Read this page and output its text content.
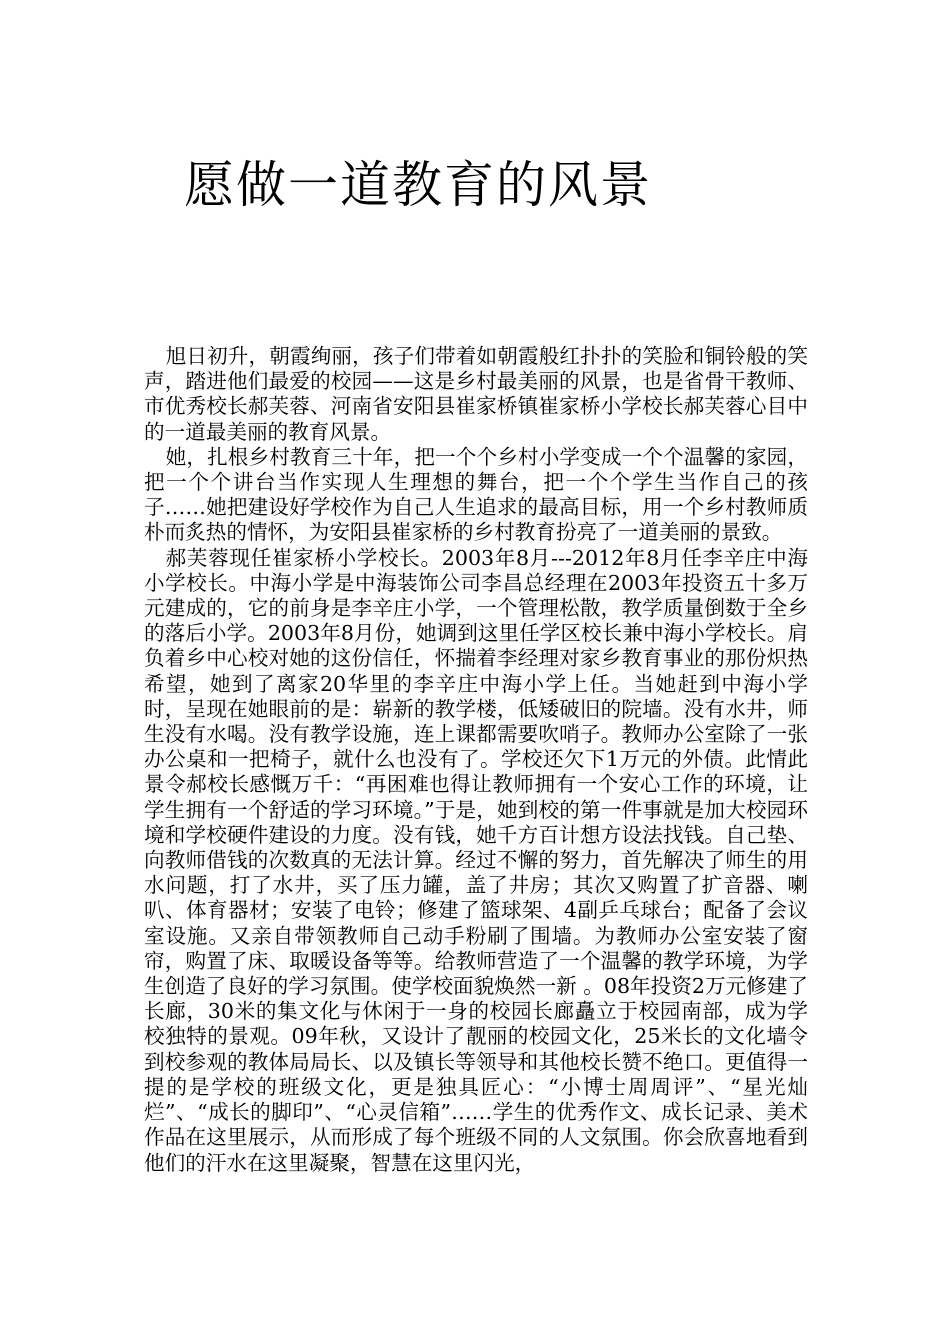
愿做一道教育的风景

旭日初升，朝霞绚丽，孩子们带着如朝霞般红扑扑的笑脸和铜铃般的笑声，踏进他们最爱的校园——这是乡村最美丽的风景，也是省骨干教师、市优秀校长郝芙蓉、河南省安阳县崔家桥镇崔家桥小学校长郝芙蓉心目中的一道最美丽的教育风景。

她，扎根乡村教育三十年，把一个个乡村小学变成一个个温馨的家园，把一个个讲台当作实现人生理想的舞台，把一个个学生当作自己的孩子……她把建设好学校作为自己人生追求的最高目标，用一个乡村教师质朴而炙热的情怀，为安阳县崔家桥的乡村教育扮亮了一道美丽的景致。

郝芙蓉现任崔家桥小学校长。2003年8月---2012年8月任李辛庄中海小学校长。中海小学是中海装饰公司李昌总经理在2003年投资五十多万元建成的，它的前身是李辛庄小学，一个管理松散，教学质量倒数于全乡的落后小学。2003年8月份，她调到这里任学区校长兼中海小学校长。肩负着乡中心校对她的这份信任，怀揣着李经理对家乡教育事业的那份炽热希望，她到了离家20华里的李辛庄中海小学上任。当她赶到中海小学时，呈现在她眼前的是：崭新的教学楼，低矮破旧的院墙。没有水井，师生没有水喝。没有教学设施，连上课都需要吹哨子。教师办公室除了一张办公桌和一把椅子，就什么也没有了。学校还欠下1万元的外债。此情此景令郝校长感慨万千：“再困难也得让教师拥有一个安心工作的环境，让学生拥有一个舒适的学习环境。”于是，她到校的第一件事就是加大校园环境和学校硬件建设的力度。没有钱，她千方百计想方设法找钱。自己垫、向教师借钱的次数真的无法计算。经过不懈的努力，首先解决了师生的用水问题，打了水井，买了压力罐，盖了井房；其次又购置了扩音器、喇叭、体育器材；安装了电铃；修建了篮球架、4副乒乓球台；配备了会议室设施。又亲自带领教师自己动手粉刷了围墙。为教师办公室安装了窗帘，购置了床、取暖设备等等。给教师营造了一个温馨的教学环境，为学生创造了良好的学习氛围。使学校面貌焕然一新 。08年投资2万元修建了长廊，30米的集文化与休闲于一身的校园长廊矗立于校园南部，成为学校独特的景观。09年秋，又设计了靓丽的校园文化，25米长的文化墙令到校参观的教体局局长、以及镇长等领导和其他校长赞不绝口。更值得一提的是学校的班级文化，更是独具匠心：“小博士周周评”、“星光灿烂”、“成长的脚印”、“心灵信箱”……学生的优秀作文、成长记录、美术作品在这里展示，从而形成了每个班级不同的人文氛围。你会欣喜地看到他们的汗水在这里凝聚，智慧在这里闪光，
